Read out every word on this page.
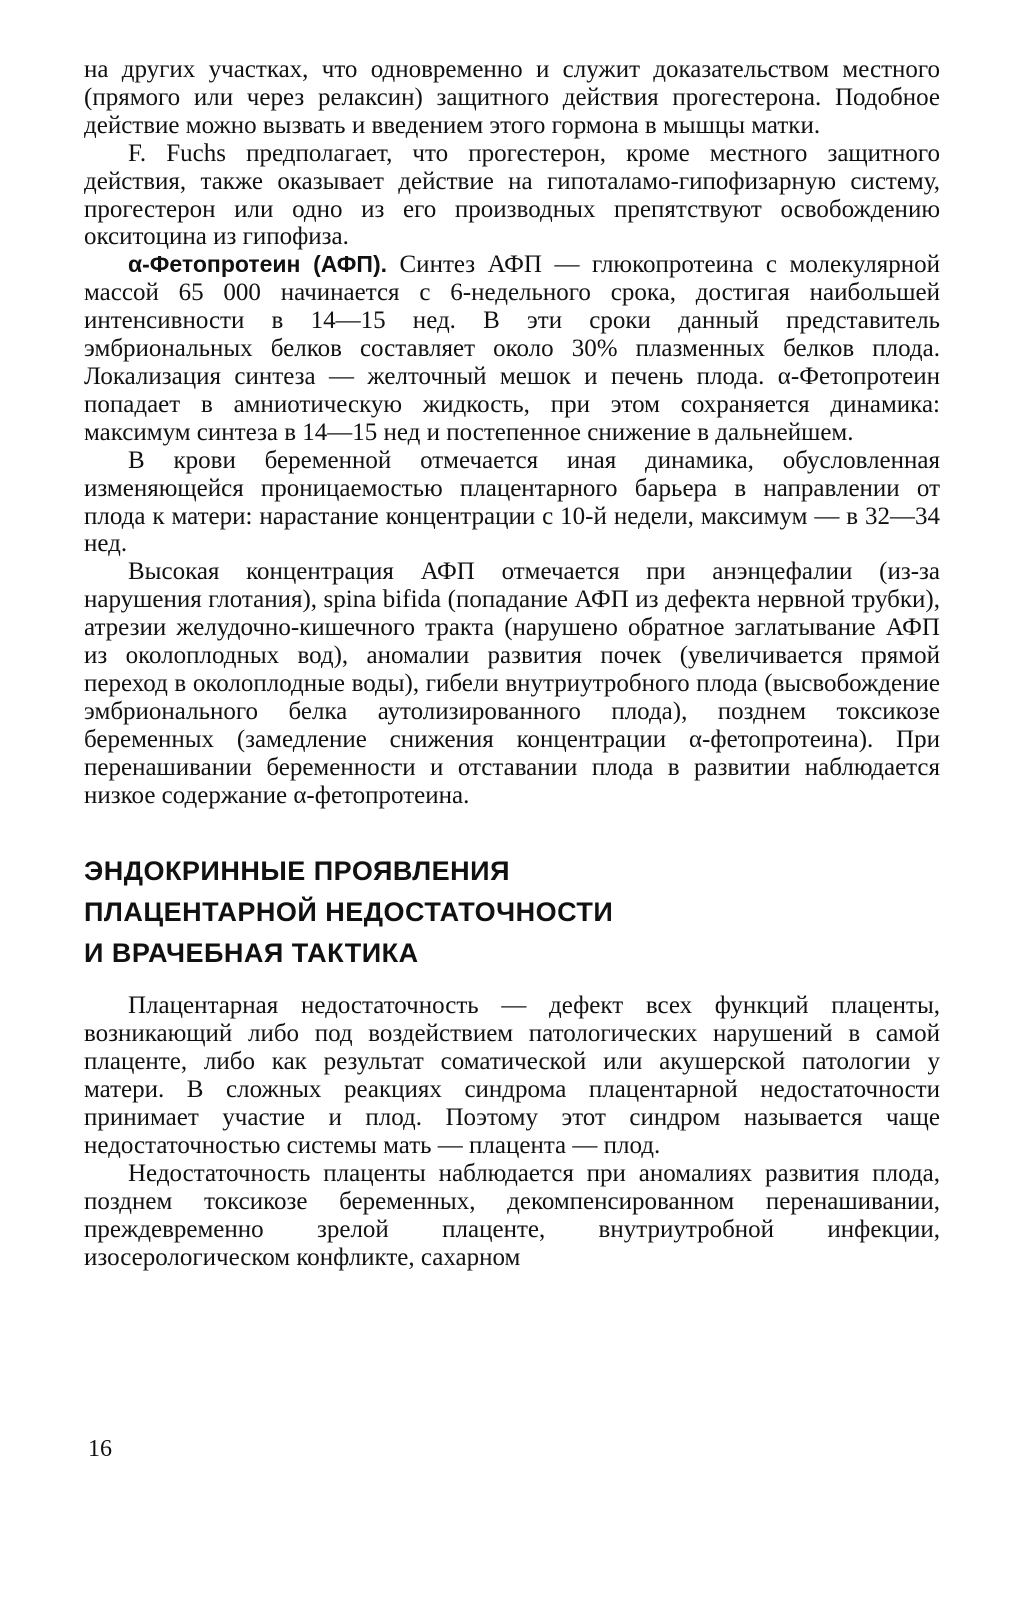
на других участках, что одновременно и служит доказательством местного (прямого или через релаксин) защитного действия прогестерона. Подобное действие можно вызвать и введением этого гормона в мышцы матки.

F. Fuchs предполагает, что прогестерон, кроме местного защитного действия, также оказывает действие на гипоталамо-гипофизарную систему, прогестерон или одно из его производных препятствуют освобождению окситоцина из гипофиза.

α-Фетопротеин (АФП). Синтез АФП — глюкопротеина с молекулярной массой 65 000 начинается с 6-недельного срока, достигая наибольшей интенсивности в 14—15 нед. В эти сроки данный представитель эмбриональных белков составляет около 30% плазменных белков плода. Локализация синтеза — желточный мешок и печень плода. α-Фетопротеин попадает в амниотическую жидкость, при этом сохраняется динамика: максимум синтеза в 14—15 нед и постепенное снижение в дальнейшем.

В крови беременной отмечается иная динамика, обусловленная изменяющейся проницаемостью плацентарного барьера в направлении от плода к матери: нарастание концентрации с 10-й недели, максимум — в 32—34 нед.

Высокая концентрация АФП отмечается при анэнцефалии (из-за нарушения глотания), spina bifida (попадание АФП из дефекта нервной трубки), атрезии желудочно-кишечного тракта (нарушено обратное заглатывание АФП из околоплодных вод), аномалии развития почек (увеличивается прямой переход в околоплодные воды), гибели внутриутробного плода (высвобождение эмбрионального белка аутолизированного плода), позднем токсикозе беременных (замедление снижения концентрации α-фетопротеина). При перенашивании беременности и отставании плода в развитии наблюдается низкое содержание α-фетопротеина.

ЭНДОКРИННЫЕ ПРОЯВЛЕНИЯ
ПЛАЦЕНТАРНОЙ НЕДОСТАТОЧНОСТИ
И ВРАЧЕБНАЯ ТАКТИКА

Плацентарная недостаточность — дефект всех функций плаценты, возникающий либо под воздействием патологических нарушений в самой плаценте, либо как результат соматической или акушерской патологии у матери. В сложных реакциях синдрома плацентарной недостаточности принимает участие и плод. Поэтому этот синдром называется чаще недостаточностью системы мать — плацента — плод.

Недостаточность плаценты наблюдается при аномалиях развития плода, позднем токсикозе беременных, декомпенсированном перенашивании, преждевременно зрелой плаценте, внутриутробной инфекции, изосерологическом конфликте, сахарном

16
